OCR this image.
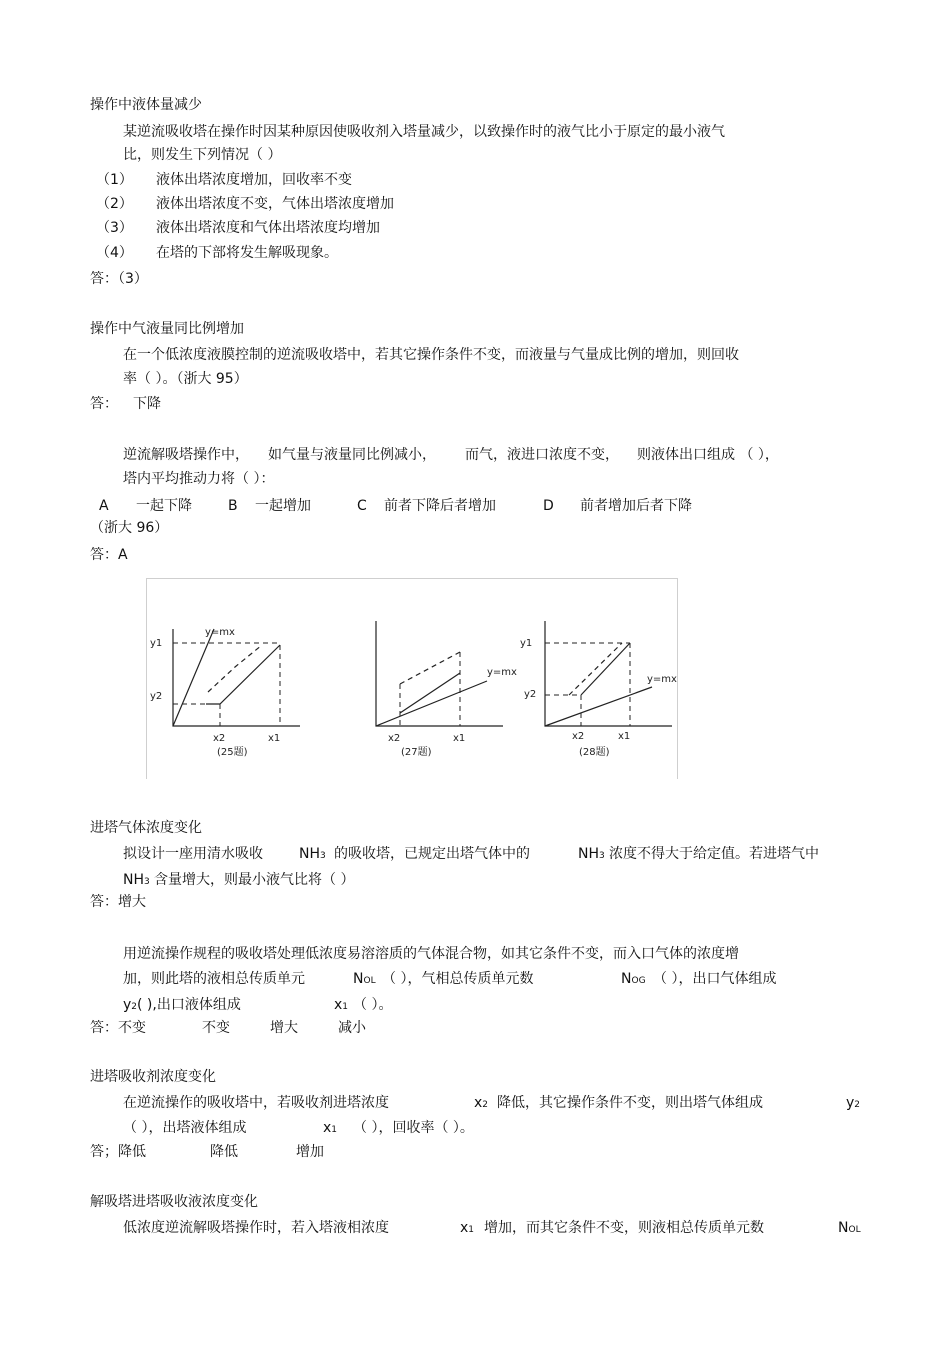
操作中液体量减少
某逆流吸收塔在操作时因某种原因使吸收剂入塔量减少，以致操作时的液气比小于原定的最小液气
比，则发生下列情况（ ）
（1） 液体出塔浓度增加，回收率不变
（2） 液体出塔浓度不变，气体出塔浓度增加
（3） 液体出塔浓度和气体出塔浓度均增加
（4） 在塔的下部将发生解吸现象。
答：（3）
操作中气液量同比例增加
在一个低浓度液膜控制的逆流吸收塔中，若其它操作条件不变，而液量与气量成比例的增加，则回收
率（ ）。（浙大 95）
答： 下降
逆流解吸塔操作中， 如气量与液量同比例减小， 而气，液进口浓度不变， 则液体出口组成 （ ），
塔内平均推动力将（ ）：
A 一起下降	B 一起增加	C 前者下降后者增加	D 前者增加后者下降
（浙大 96）
答：A
y1
y2
y=mx
x2	x1
(25题)
y=mx
x2	x1
(27题)
y1
y2
y=mx
x2	x1
(28题)
进塔气体浓度变化
拟设计一座用清水吸收	NH3 的吸收塔，已规定出塔气体中的	NH3 浓度不得大于给定值。若进塔气中
NH3 含量增大，则最小液气比将（ ）
答：增大
用逆流操作规程的吸收塔处理低浓度易溶溶质的气体混合物，如其它条件不变，而入口气体的浓度增
加，则此塔的液相总传质单元	NOL （ ），气相总传质单元数	NOG （ ），出口气体组成
y2 ( ),出口液体组成	x1 （ ）。
答：不变	不变	增大	减小
进塔吸收剂浓度变化
在逆流操作的吸收塔中，若吸收剂进塔浓度	x2 降低，其它操作条件不变，则出塔气体组成	y2
（ ），出塔液体组成	x1 （ ），回收率（ ）。
答；降低	降低	增加
解吸塔进塔吸收液浓度变化
低浓度逆流解吸塔操作时，若入塔液相浓度	x1 增加，而其它条件不变，则液相总传质单元数	NOL
